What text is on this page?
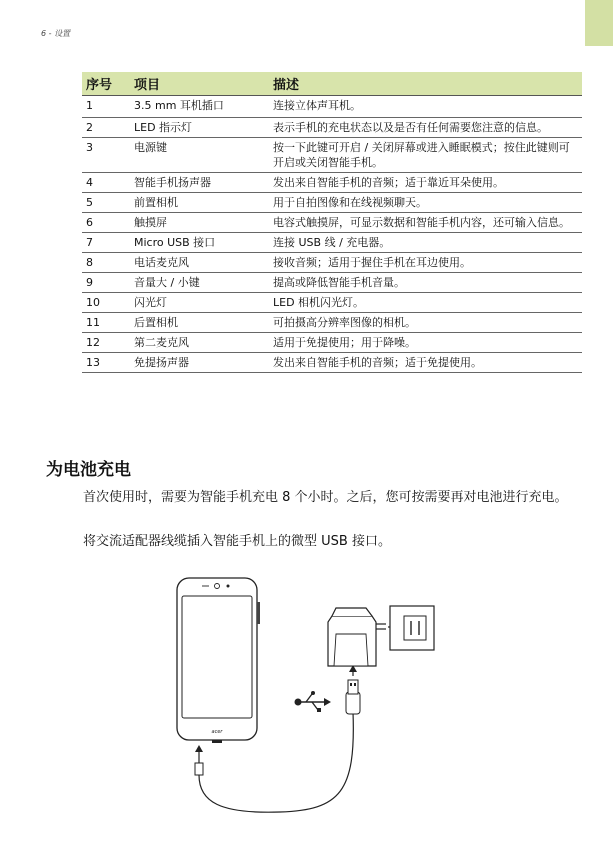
6 - 设置
序号	项目	描述
1	3.5 mm 耳机插口	连接立体声耳机。
2	LED 指示灯	表示手机的充电状态以及是否有任何需要您注意的信息。
3	电源键	按一下此键可开启 / 关闭屏幕或进入睡眠模式；按住此键则可开启或关闭智能手机。
4	智能手机扬声器	发出来自智能手机的音频；适于靠近耳朵使用。
5	前置相机	用于自拍图像和在线视频聊天。
6	触摸屏	电容式触摸屏，可显示数据和智能手机内容，还可输入信息。
7	Micro USB 接口	连接 USB 线 / 充电器。
8	电话麦克风	接收音频；适用于握住手机在耳边使用。
9	音量大 / 小键	提高或降低智能手机音量。
10	闪光灯	LED 相机闪光灯。
11	后置相机	可拍摄高分辨率图像的相机。
12	第二麦克风	适用于免提使用；用于降噪。
13	免提扬声器	发出来自智能手机的音频；适于免提使用。
为电池充电
首次使用时，需要为智能手机充电 8 个小时。之后，您可按需要再对电池进行充电。
将交流适配器线缆插入智能手机上的微型 USB 接口。
acer
